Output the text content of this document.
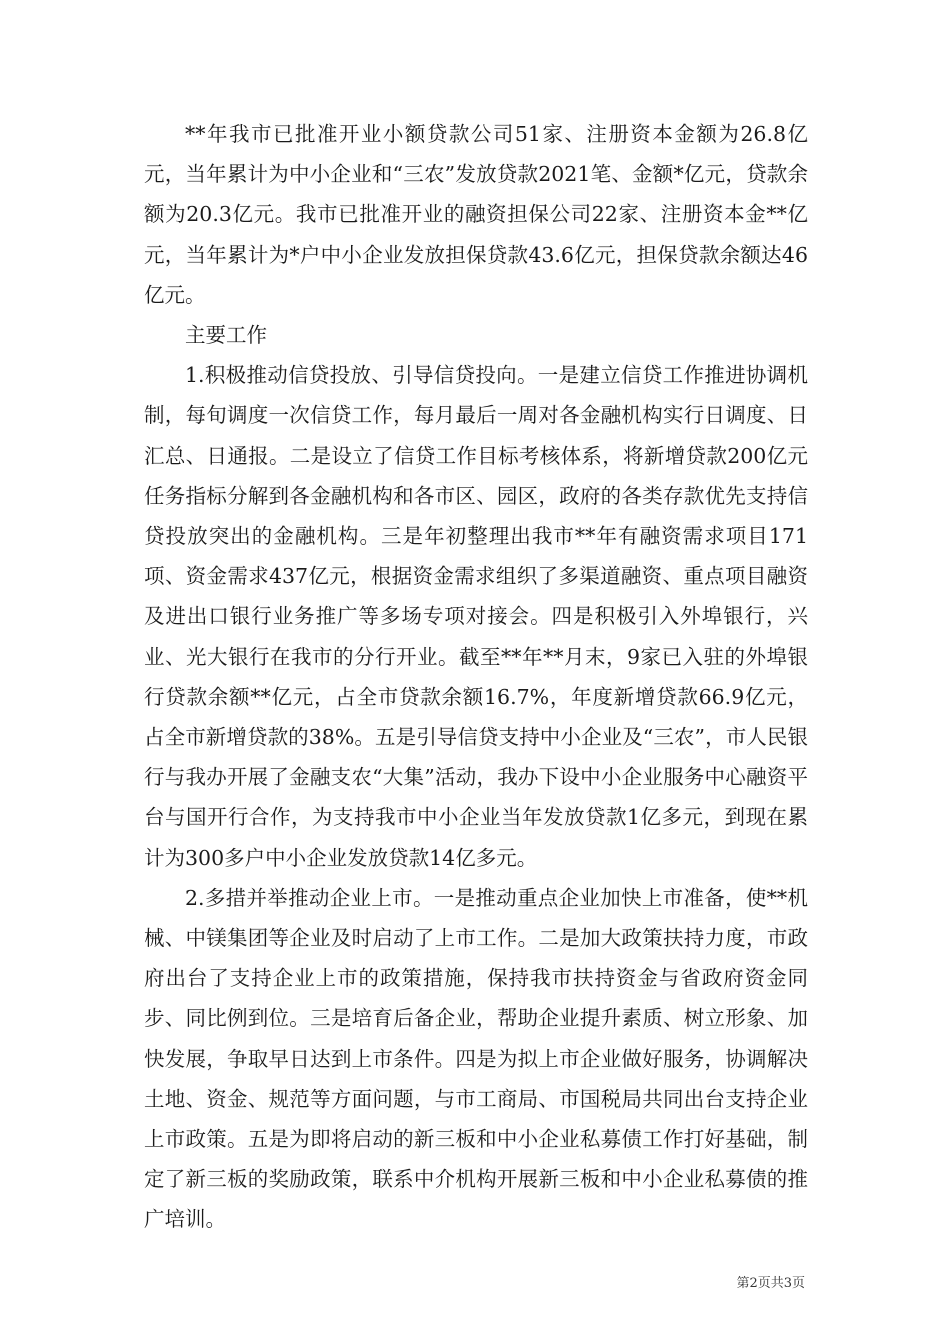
**年我市已批准开业小额贷款公司51家、注册资本金额为26.8亿元，当年累计为中小企业和“三农”发放贷款2021笔、金额*亿元，贷款余额为20.3亿元。我市已批准开业的融资担保公司22家、注册资本金**亿元，当年累计为*户中小企业发放担保贷款43.6亿元，担保贷款余额达46亿元。

主要工作

1.积极推动信贷投放、引导信贷投向。一是建立信贷工作推进协调机制，每旬调度一次信贷工作，每月最后一周对各金融机构实行日调度、日汇总、日通报。二是设立了信贷工作目标考核体系，将新增贷款200亿元任务指标分解到各金融机构和各市区、园区，政府的各类存款优先支持信贷投放突出的金融机构。三是年初整理出我市**年有融资需求项目171项、资金需求437亿元，根据资金需求组织了多渠道融资、重点项目融资及进出口银行业务推广等多场专项对接会。四是积极引入外埠银行，兴业、光大银行在我市的分行开业。截至**年**月末，9家已入驻的外埠银行贷款余额**亿元，占全市贷款余额16.7%，年度新增贷款66.9亿元，占全市新增贷款的38%。五是引导信贷支持中小企业及“三农”，市人民银行与我办开展了金融支农“大集”活动，我办下设中小企业服务中心融资平台与国开行合作，为支持我市中小企业当年发放贷款1亿多元，到现在累计为300多户中小企业发放贷款14亿多元。

2.多措并举推动企业上市。一是推动重点企业加快上市准备，使**机械、中镁集团等企业及时启动了上市工作。二是加大政策扶持力度，市政府出台了支持企业上市的政策措施，保持我市扶持资金与省政府资金同步、同比例到位。三是培育后备企业，帮助企业提升素质、树立形象、加快发展，争取早日达到上市条件。四是为拟上市企业做好服务，协调解决土地、资金、规范等方面问题，与市工商局、市国税局共同出台支持企业上市政策。五是为即将启动的新三板和中小企业私募债工作打好基础，制定了新三板的奖励政策，联系中介机构开展新三板和中小企业私募债的推广培训。

第2页共3页
